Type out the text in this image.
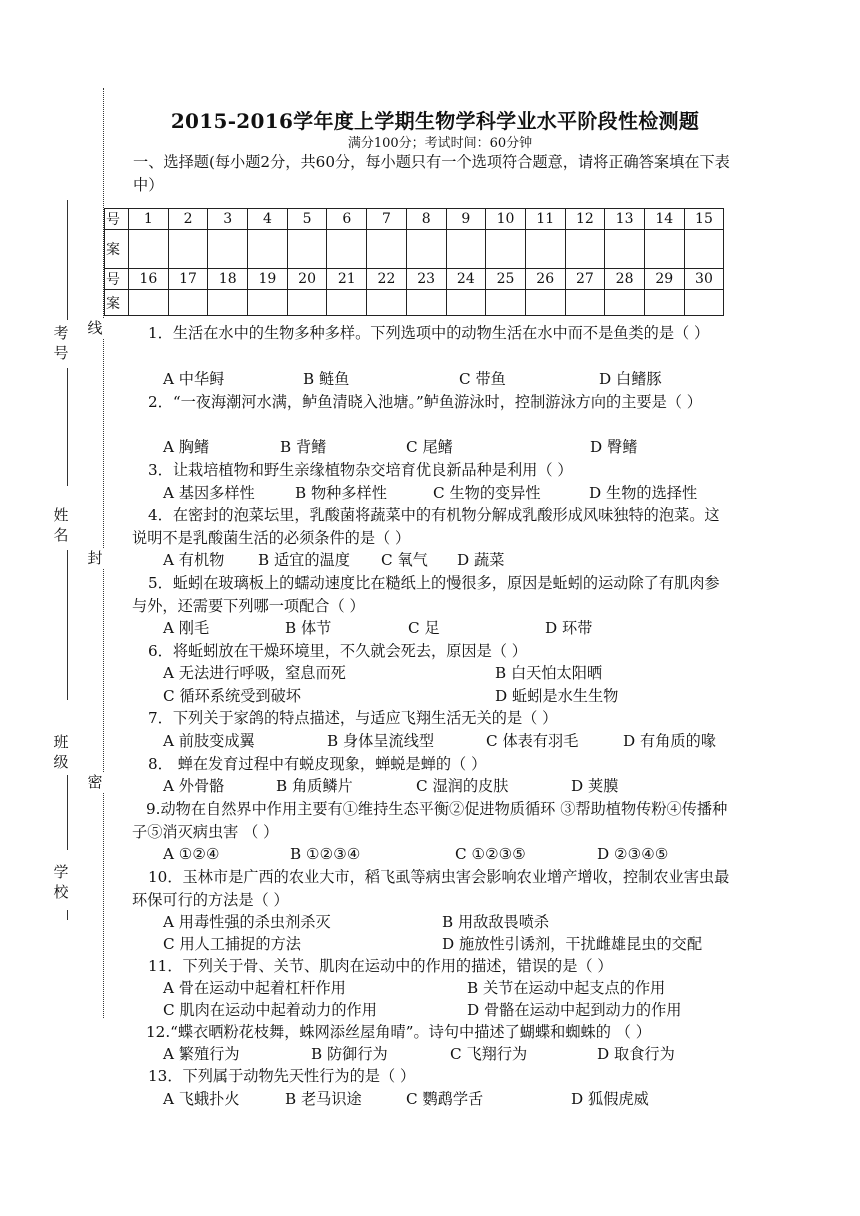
考号
姓名
班级
学校
线
封
密
2015-2016学年度上学期生物学科学业水平阶段性检测题
满分100分；考试时间：60分钟
一、选择题(每小题2分，共60分，每小题只有一个选项符合题意，请将正确答案填在下表中）
号	1	2	3	4	5	6	7	8	9	10	11	12	13	14	15
案															
号	16	17	18	19	20	21	22	23	24	25	26	27	28	29	30
案															
1．生活在水中的生物多种多样。下列选项中的动物生活在水中而不是鱼类的是（ ）
A 中华鲟	B 鲢鱼	C 带鱼	D 白鳍豚
2．“一夜海潮河水满，鲈鱼清晓入池塘。”鲈鱼游泳时，控制游泳方向的主要是（ ）
A 胸鳍	B 背鳍	C 尾鳍	D 臀鳍
3．让栽培植物和野生亲缘植物杂交培育优良新品种是利用（ ）
A 基因多样性	B 物种多样性	C 生物的变异性	D 生物的选择性
4．在密封的泡菜坛里，乳酸菌将蔬菜中的有机物分解成乳酸形成风味独特的泡菜。这说明不是乳酸菌生活的必须条件的是（ ）
A 有机物 B 适宜的温度 C 氧气 D 蔬菜
5．蚯蚓在玻璃板上的蠕动速度比在糙纸上的慢很多，原因是蚯蚓的运动除了有肌肉参与外，还需要下列哪一项配合（ ）
A 刚毛	B 体节	C 足	D 环带
6．将蚯蚓放在干燥环境里，不久就会死去，原因是（ ）
A 无法进行呼吸，窒息而死	B 白天怕太阳晒
C 循环系统受到破坏	D 蚯蚓是水生生物
7．下列关于家鸽的特点描述，与适应飞翔生活无关的是（ ）
A 前肢变成翼	B 身体呈流线型	C 体表有羽毛	D 有角质的喙
8． 蝉在发育过程中有蜕皮现象，蝉蜕是蝉的（ ）
A 外骨骼	B 角质鳞片	C 湿润的皮肤	D 荚膜
9.动物在自然界中作用主要有①维持生态平衡②促进物质循环 ③帮助植物传粉④传播种子⑤消灭病虫害 （ ）
A ①②④	B ①②③④	C ①②③⑤	D ②③④⑤
10．玉林市是广西的农业大市，稻飞虱等病虫害会影响农业增产增收，控制农业害虫最环保可行的方法是（ ）
A 用毒性强的杀虫剂杀灭	B 用敌敌畏喷杀
C 用人工捕捉的方法	D 施放性引诱剂，干扰雌雄昆虫的交配
11．下列关于骨、关节、肌肉在运动中的作用的描述，错误的是（ ）
A 骨在运动中起着杠杆作用	B 关节在运动中起支点的作用
C 肌肉在运动中起着动力的作用	D 骨骼在运动中起到动力的作用
12.“蝶衣晒粉花枝舞，蛛网添丝屋角晴”。诗句中描述了蝴蝶和蜘蛛的 （ ）
A 繁殖行为	B 防御行为	C 飞翔行为	D 取食行为
13．下列属于动物先天性行为的是（ ）
A 飞蛾扑火	B 老马识途	C 鹦鹉学舌	D 狐假虎威
